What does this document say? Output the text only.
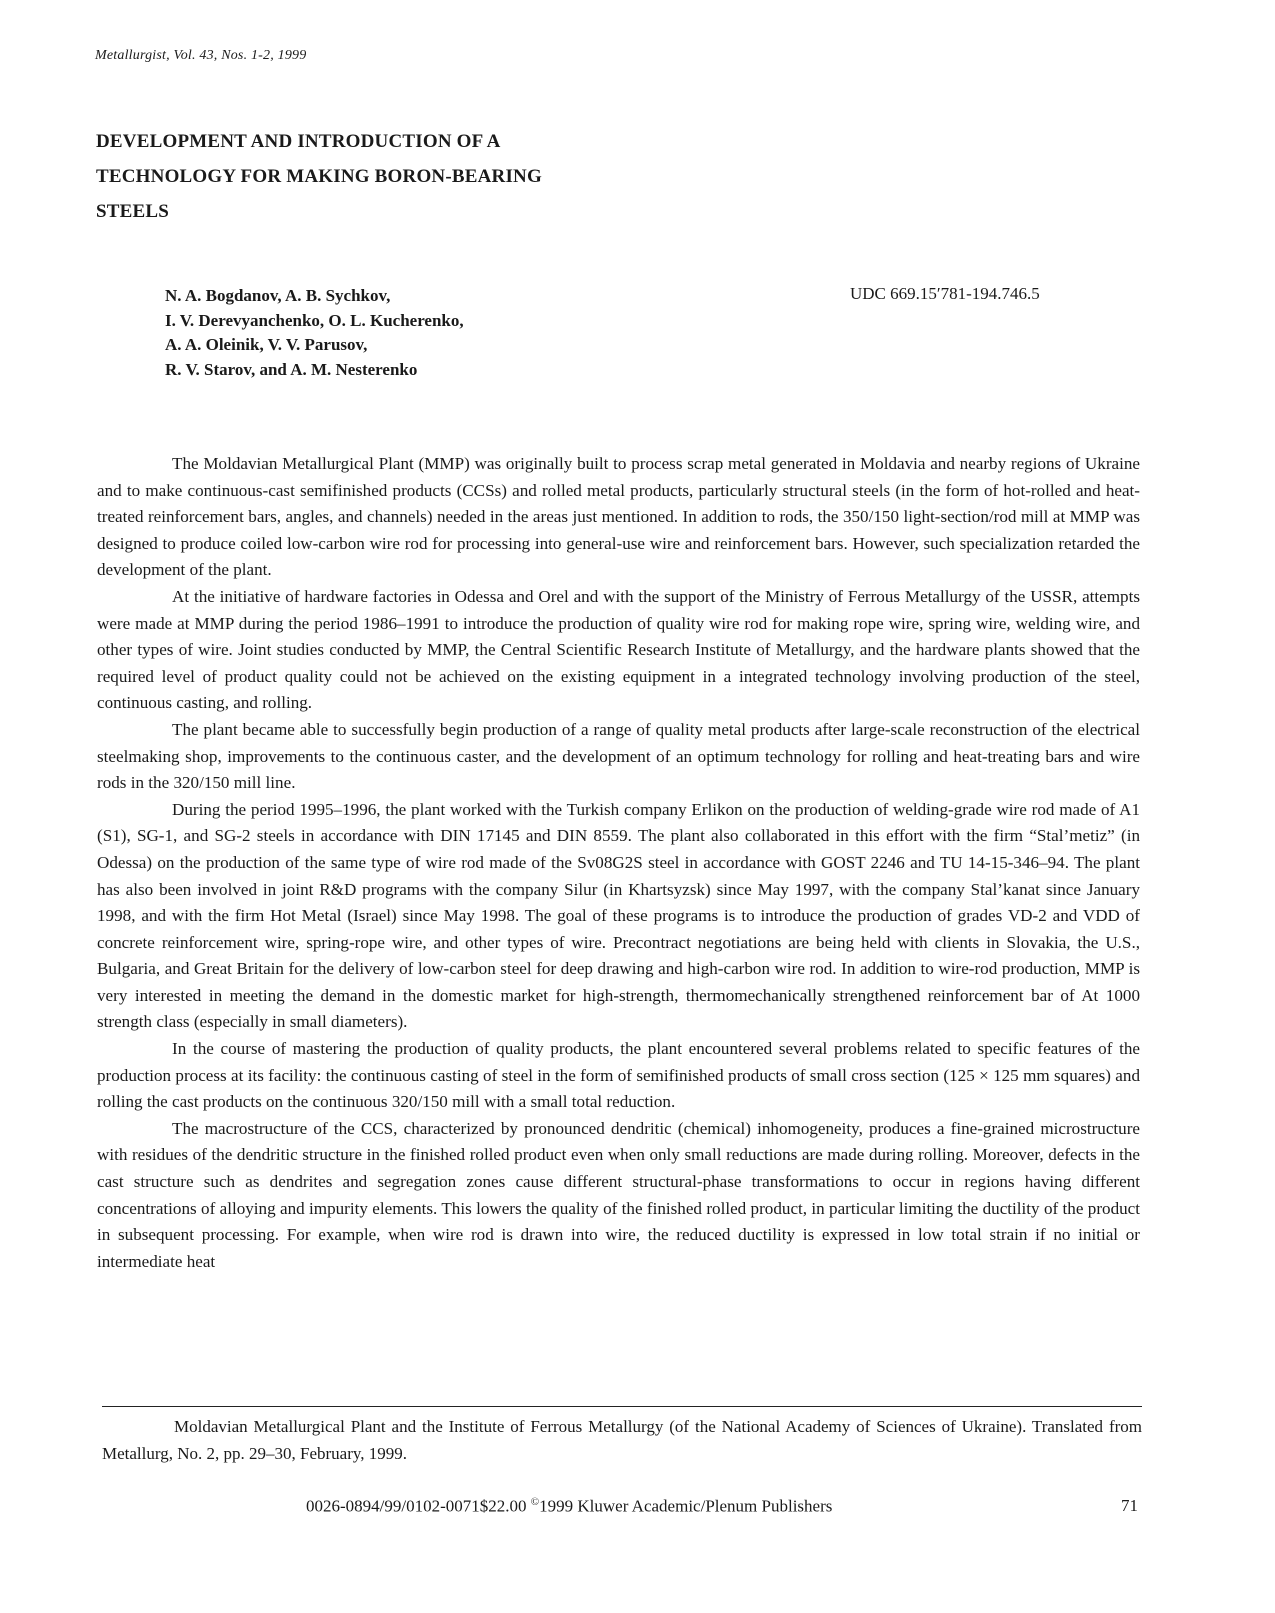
Metallurgist, Vol. 43, Nos. 1-2, 1999
DEVELOPMENT AND INTRODUCTION OF A
TECHNOLOGY FOR MAKING BORON-BEARING
STEELS
N. A. Bogdanov, A. B. Sychkov,
I. V. Derevyanchenko, O. L. Kucherenko,
A. A. Oleinik, V. V. Parusov,
R. V. Starov, and A. M. Nesterenko
UDC 669.15′781-194.746.5

The Moldavian Metallurgical Plant (MMP) was originally built to process scrap metal generated in Moldavia and nearby regions of Ukraine and to make continuous-cast semifinished products (CCSs) and rolled metal products, particularly structural steels (in the form of hot-rolled and heat-treated reinforcement bars, angles, and channels) needed in the areas just mentioned. In addition to rods, the 350/150 light-section/rod mill at MMP was designed to produce coiled low-carbon wire rod for processing into general-use wire and reinforcement bars. However, such specialization retarded the development of the plant.

At the initiative of hardware factories in Odessa and Orel and with the support of the Ministry of Ferrous Metallurgy of the USSR, attempts were made at MMP during the period 1986–1991 to introduce the production of quality wire rod for making rope wire, spring wire, welding wire, and other types of wire. Joint studies conducted by MMP, the Central Scientific Research Institute of Metallurgy, and the hardware plants showed that the required level of product quality could not be achieved on the existing equipment in a integrated technology involving production of the steel, continuous casting, and rolling.

The plant became able to successfully begin production of a range of quality metal products after large-scale reconstruction of the electrical steelmaking shop, improvements to the continuous caster, and the development of an optimum technology for rolling and heat-treating bars and wire rods in the 320/150 mill line.

During the period 1995–1996, the plant worked with the Turkish company Erlikon on the production of welding-grade wire rod made of A1 (S1), SG-1, and SG-2 steels in accordance with DIN 17145 and DIN 8559. The plant also collaborated in this effort with the firm “Stal’metiz” (in Odessa) on the production of the same type of wire rod made of the Sv08G2S steel in accordance with GOST 2246 and TU 14-15-346–94. The plant has also been involved in joint R&D programs with the company Silur (in Khartsyzsk) since May 1997, with the company Stal’kanat since January 1998, and with the firm Hot Metal (Israel) since May 1998. The goal of these programs is to introduce the production of grades VD-2 and VDD of concrete reinforcement wire, spring-rope wire, and other types of wire. Precontract negotiations are being held with clients in Slovakia, the U.S., Bulgaria, and Great Britain for the delivery of low-carbon steel for deep drawing and high-carbon wire rod. In addition to wire-rod production, MMP is very interested in meeting the demand in the domestic market for high-strength, thermomechanically strengthened reinforcement bar of At 1000 strength class (especially in small diameters).

In the course of mastering the production of quality products, the plant encountered several problems related to specific features of the production process at its facility: the continuous casting of steel in the form of semifinished products of small cross section (125 × 125 mm squares) and rolling the cast products on the continuous 320/150 mill with a small total reduction.

The macrostructure of the CCS, characterized by pronounced dendritic (chemical) inhomogeneity, produces a fine-grained microstructure with residues of the dendritic structure in the finished rolled product even when only small reductions are made during rolling. Moreover, defects in the cast structure such as dendrites and segregation zones cause different structural-phase transformations to occur in regions having different concentrations of alloying and impurity elements. This lowers the quality of the finished rolled product, in particular limiting the ductility of the product in subsequent processing. For example, when wire rod is drawn into wire, the reduced ductility is expressed in low total strain if no initial or intermediate heat

Moldavian Metallurgical Plant and the Institute of Ferrous Metallurgy (of the National Academy of Sciences of Ukraine). Translated from Metallurg, No. 2, pp. 29–30, February, 1999.
0026-0894/99/0102-0071$22.00 ©1999 Kluwer Academic/Plenum Publishers	71
